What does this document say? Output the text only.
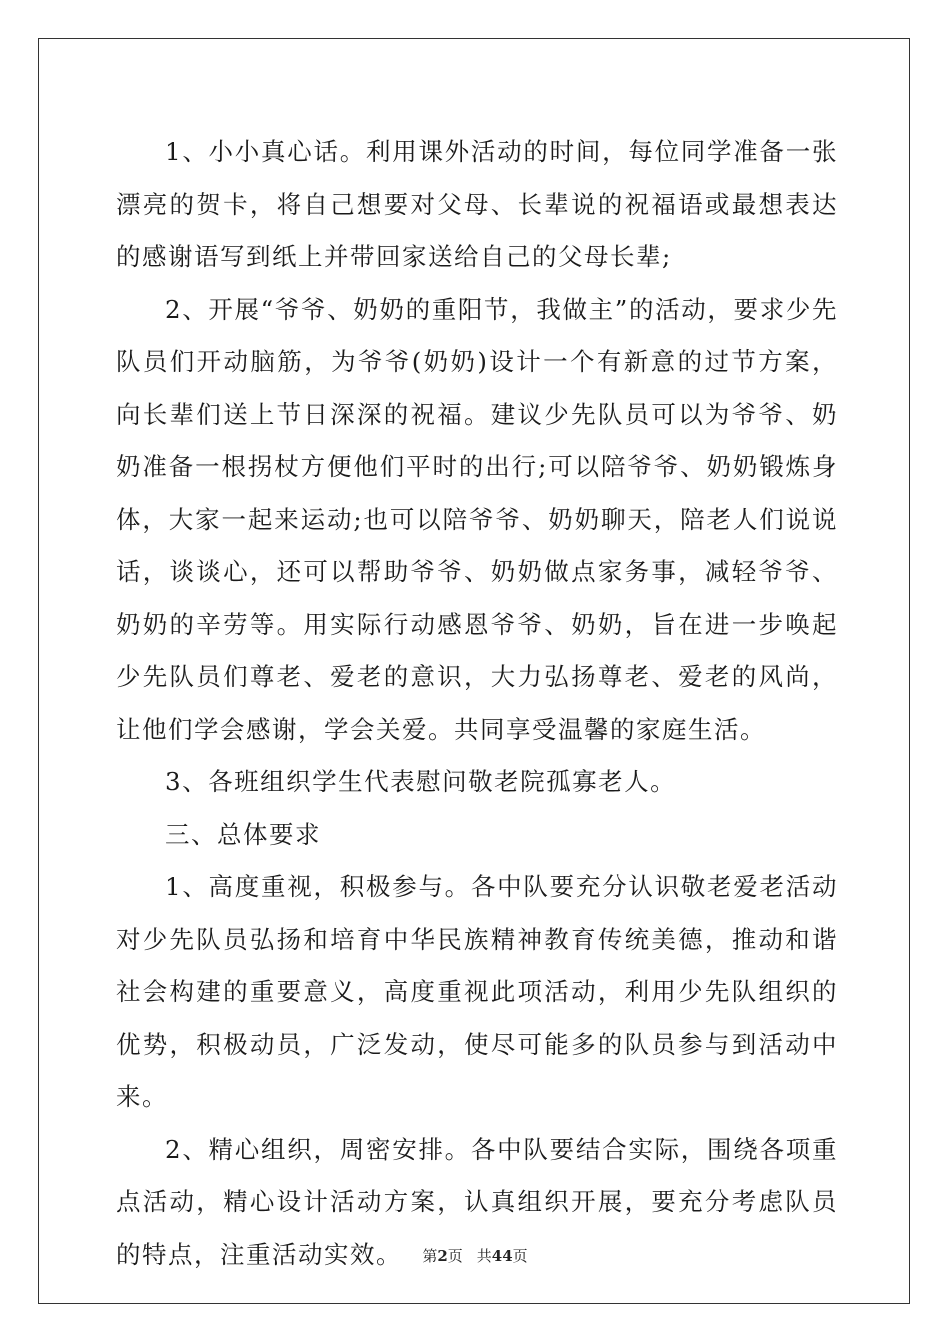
1、小小真心话。利用课外活动的时间，每位同学准备一张漂亮的贺卡，将自己想要对父母、长辈说的祝福语或最想表达的感谢语写到纸上并带回家送给自己的父母长辈;

2、开展“爷爷、奶奶的重阳节，我做主”的活动，要求少先队员们开动脑筋，为爷爷(奶奶)设计一个有新意的过节方案，向长辈们送上节日深深的祝福。建议少先队员可以为爷爷、奶奶准备一根拐杖方便他们平时的出行;可以陪爷爷、奶奶锻炼身体，大家一起来运动;也可以陪爷爷、奶奶聊天，陪老人们说说话，谈谈心，还可以帮助爷爷、奶奶做点家务事，减轻爷爷、奶奶的辛劳等。用实际行动感恩爷爷、奶奶，旨在进一步唤起少先队员们尊老、爱老的意识，大力弘扬尊老、爱老的风尚，让他们学会感谢，学会关爱。共同享受温馨的家庭生活。

3、各班组织学生代表慰问敬老院孤寡老人。

三、总体要求

1、高度重视，积极参与。各中队要充分认识敬老爱老活动对少先队员弘扬和培育中华民族精神教育传统美德，推动和谐社会构建的重要意义，高度重视此项活动，利用少先队组织的优势，积极动员，广泛发动，使尽可能多的队员参与到活动中来。

2、精心组织，周密安排。各中队要结合实际，围绕各项重点活动，精心设计活动方案，认真组织开展，要充分考虑队员的特点，注重活动实效。	第2页 共44页
